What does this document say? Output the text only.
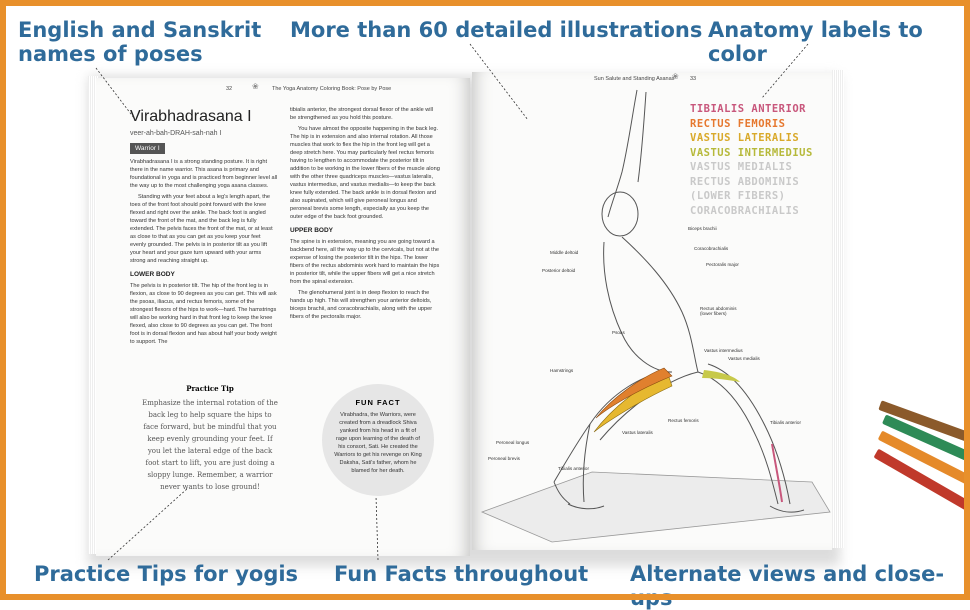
English and Sanskrit
names of poses
More than 60 detailed illustrations Anatomy labels to color
Practice Tips for yogis Fun Facts throughout Alternate views and close-ups
32 ❀ The Yoga Anatomy Coloring Book: Pose by Pose
Virabhadrasana I
veer-ah-bah-DRAH-sah-nah I
Warrior I
Virabhadrasana I is a strong standing posture. It is right there in the name warrior. This asana is primary and foundational in yoga and is practiced from beginner level all the way up to the most challenging yoga asana classes.
Standing with your feet about a leg's length apart, the toes of the front foot should point forward with the knee flexed and right over the ankle. The back foot is angled toward the front of the mat, and the back leg is fully extended. The pelvis faces the front of the mat, or at least as close to that as you can get as you keep your feet evenly grounded. The pelvis is in posterior tilt as you lift your heart and your gaze turn upward with your arms strong and reaching straight up.
LOWER BODY
The pelvis is in posterior tilt. The hip of the front leg is in flexion, as close to 90 degrees as you can get. This will ask the psoas, iliacus, and rectus femoris, some of the strongest flexors of the hips to work—hard. The hamstrings will also be working hard in that front leg to keep the knee flexed, also close to 90 degrees as you can get. The front foot is in dorsal flexion and has about half your body weight to support. The
tibialis anterior, the strongest dorsal flexor of the ankle will be strengthened as you hold this posture.
You have almost the opposite happening in the back leg. The hip is in extension and also internal rotation. All those muscles that work to flex the hip in the front leg will get a deep stretch here. You may particularly feel rectus femoris having to lengthen to accommodate the posterior tilt in addition to be working in the lower fibers of the muscle along with the other three quadriceps muscles—vastus lateralis, vastus intermedius, and vastus medialis—to keep the back knee fully extended. The back ankle is in dorsal flexion and also supinated, which will give peroneal longus and peroneal brevis some length, especially as you keep the outer edge of the back foot grounded.
UPPER BODY
The spine is in extension, meaning you are going toward a backbend here, all the way up to the cervicals, but not at the expense of losing the posterior tilt in the hips. The lower fibers of the rectus abdominis work hard to maintain the hips in posterior tilt, while the upper fibers will get a nice stretch from the spinal extension.
The glenohumeral joint is in deep flexion to reach the hands up high. This will strengthen your anterior deltoids, biceps brachii, and coracobrachialis, along with the upper fibers of the pectoralis major.
Practice Tip
Emphasize the internal rotation of the back leg to help square the hips to face forward, but be mindful that you keep evenly grounding your feet. If you let the lateral edge of the back foot start to lift, you are just doing a sloppy lunge. Remember, a warrior never wants to lose ground!
FUN FACT
Virabhadra, the Warriors, were created from a dreadlock Shiva yanked from his head in a fit of rage upon learning of the death of his consort, Sati. He created the Warriors to get his revenge on King Daksha, Sati's father, whom he blamed for her death.
Sun Salute and Standing Asanas
❀ 33
TIBIALIS ANTERIOR
RECTUS FEMORIS
VASTUS LATERALIS
VASTUS INTERMEDIUS
VASTUS MEDIALIS
RECTUS ABDOMINIS
(LOWER FIBERS)
CORACOBRACHIALIS
Biceps brachii
Coracobrachialis
Pectoralis major
Middle deltoid
Posterior deltoid
Rectus abdominis (lower fibers)
Psoas
Vastus intermedius
Vastus medialis
Hamstrings
Rectus femoris
Vastus lateralis
Peroneal longus
Peroneal brevis
Tibialis anterior
Tibialis anterior
